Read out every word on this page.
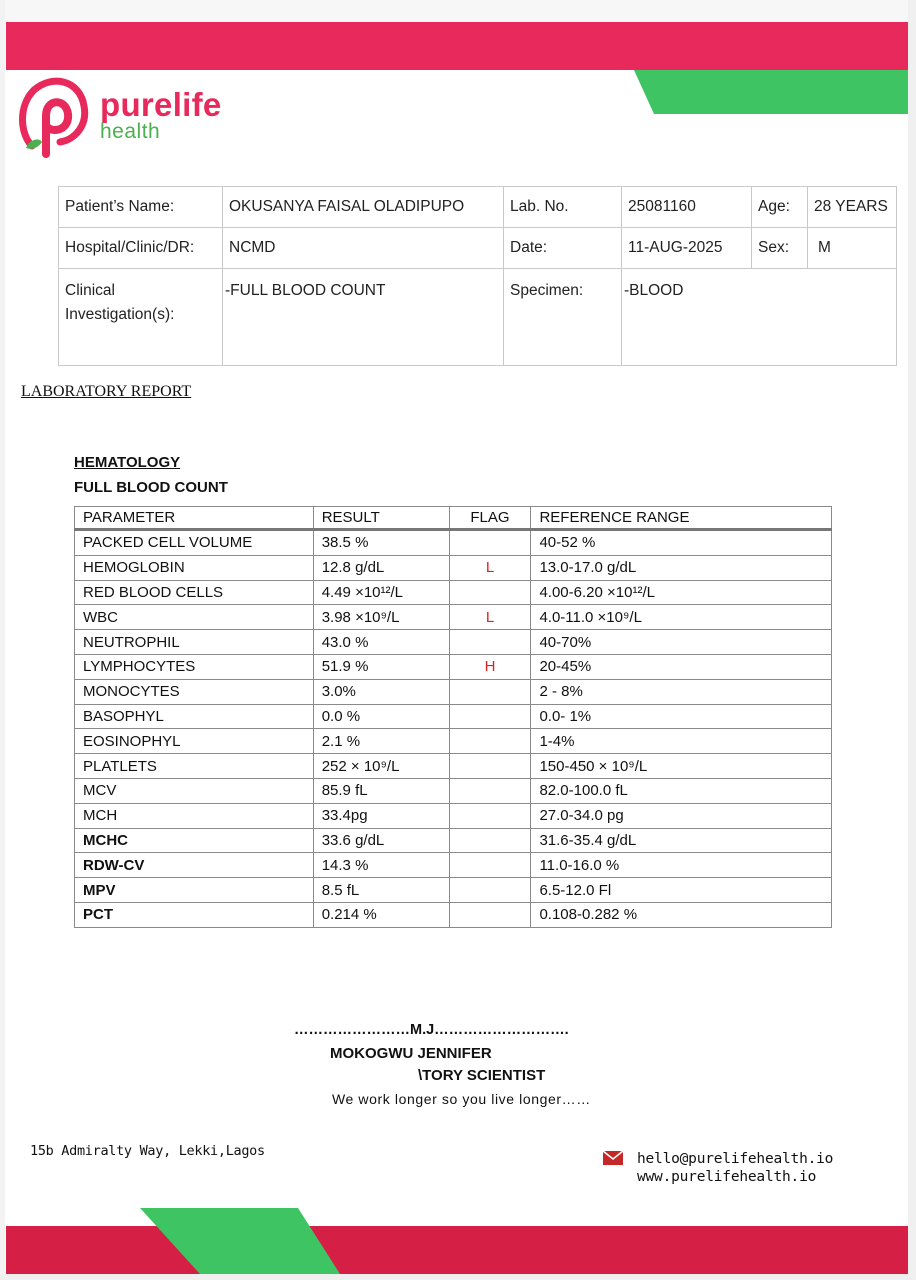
purelife
health
Patient’s Name:	OKUSANYA FAISAL OLADIPUPO	Lab. No.	25081160	Age:	28 YEARS
Hospital/Clinic/DR:	NCMD	Date:	11-AUG-2025	Sex:	M
Clinical
Investigation(s):	-FULL BLOOD COUNT	Specimen:	-BLOOD		
LABORATORY REPORT
HEMATOLOGY
FULL BLOOD COUNT
PARAMETER	RESULT	FLAG	REFERENCE RANGE
PACKED CELL VOLUME	38.5 %		40-52 %
HEMOGLOBIN	12.8 g/dL	L	13.0-17.0 g/dL
RED BLOOD CELLS	4.49 ×10¹²/L		4.00-6.20 ×10¹²/L
WBC	3.98 ×10⁹/L	L	4.0-11.0 ×10⁹/L
NEUTROPHIL	43.0 %		40-70%
LYMPHOCYTES	51.9 %	H	20-45%
MONOCYTES	3.0%		2 - 8%
BASOPHYL	0.0 %		0.0- 1%
EOSINOPHYL	2.1 %		1-4%
PLATLETS	252 × 10⁹/L		150-450 × 10⁹/L
MCV	85.9 fL		82.0-100.0 fL
MCH	33.4pg		27.0-34.0 pg
MCHC	33.6 g/dL		31.6-35.4 g/dL
RDW-CV	14.3 %		11.0-16.0 %
MPV	8.5 fL		6.5-12.0 Fl
PCT	0.214 %		0.108-0.282 %
……………………M.J……………………….
MOKOGWU JENNIFER
\TORY SCIENTIST
We work longer so you live longer……
15b Admiralty Way, Lekki,Lagos	hello@purelifehealth.io
www.purelifehealth.io
